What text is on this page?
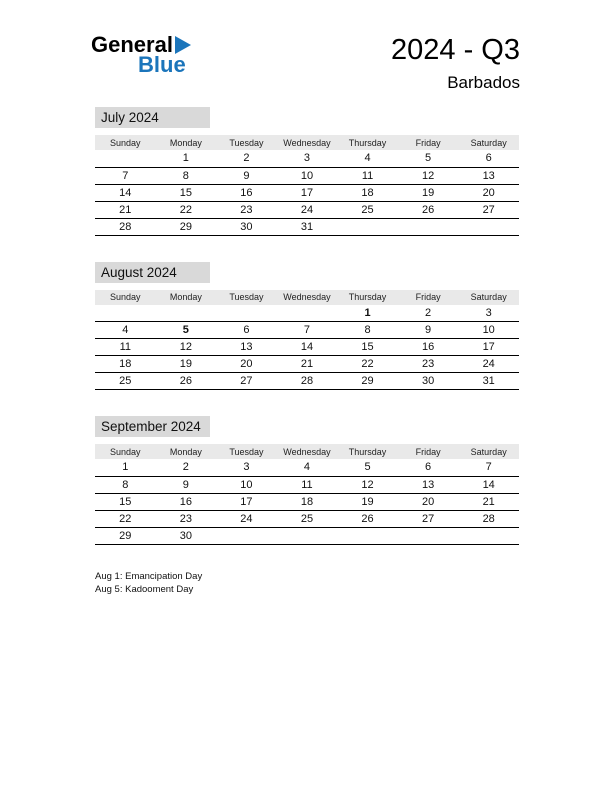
General
Blue	2024 - Q3
Barbados
July 2024
Sunday	Monday	Tuesday	Wednesday	Thursday	Friday	Saturday
	1	2	3	4	5	6
7	8	9	10	11	12	13
14	15	16	17	18	19	20
21	22	23	24	25	26	27
28	29	30	31			
August 2024
Sunday	Monday	Tuesday	Wednesday	Thursday	Friday	Saturday
				1	2	3
4	5	6	7	8	9	10
11	12	13	14	15	16	17
18	19	20	21	22	23	24
25	26	27	28	29	30	31
September 2024
Sunday	Monday	Tuesday	Wednesday	Thursday	Friday	Saturday
1	2	3	4	5	6	7
8	9	10	11	12	13	14
15	16	17	18	19	20	21
22	23	24	25	26	27	28
29	30					
Aug 1: Emancipation Day
Aug 5: Kadooment Day
